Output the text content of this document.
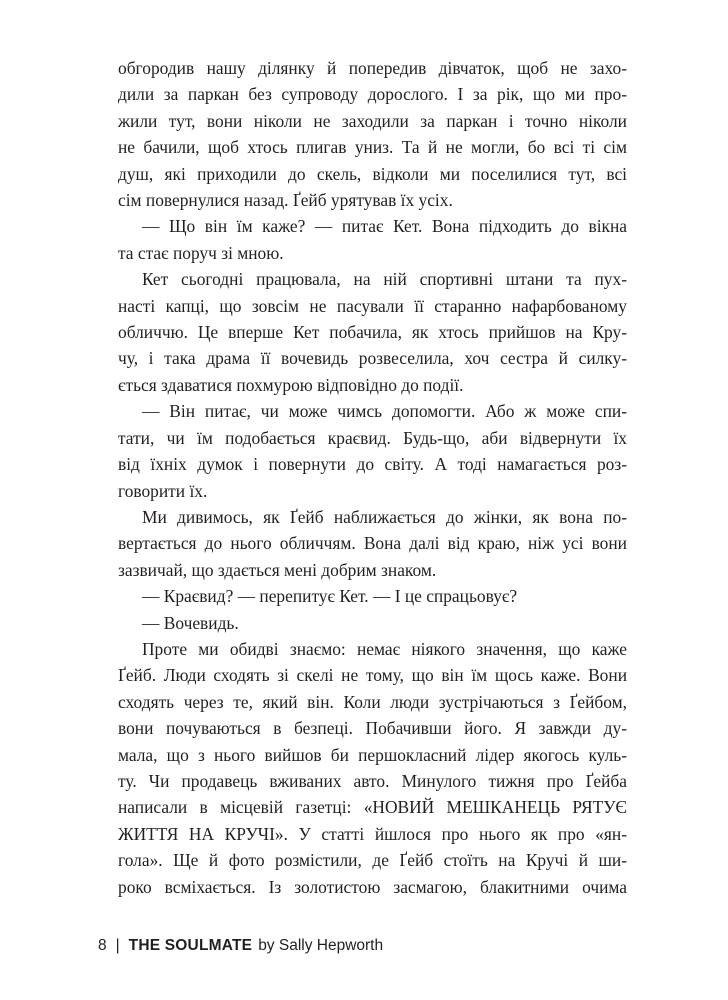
обгородив нашу ділянку й попередив дівчаток, щоб не захо-
дили за паркан без супроводу дорослого. І за рік, що ми про-
жили тут, вони ніколи не заходили за паркан і точно ніколи
не бачили, щоб хтось плигав униз. Та й не могли, бо всі ті сім
душ, які приходили до скель, відколи ми поселилися тут, всі
сім повернулися назад. Ґейб урятував їх усіх.
— Що він їм каже? — питає Кет. Вона підходить до вікна
та стає поруч зі мною.
Кет сьогодні працювала, на ній спортивні штани та пух-
насті капці, що зовсім не пасували її старанно нафарбованому
обличчю. Це вперше Кет побачила, як хтось прийшов на Кру-
чу, і така драма її вочевидь розвеселила, хоч сестра й силку-
ється здаватися похмурою відповідно до події.
— Він питає, чи може чимсь допомогти. Або ж може спи-
тати, чи їм подобається краєвид. Будь-що, аби відвернути їх
від їхніх думок і повернути до світу. А тоді намагається роз-
говорити їх.
Ми дивимось, як Ґейб наближається до жінки, як вона по-
вертається до нього обличчям. Вона далі від краю, ніж усі вони
зазвичай, що здається мені добрим знаком.
— Краєвид? — перепитує Кет. — І це спрацьовує?
— Вочевидь.
Проте ми обидві знаємо: немає ніякого значення, що каже
Ґейб. Люди сходять зі скелі не тому, що він їм щось каже. Вони
сходять через те, який він. Коли люди зустрічаються з Ґейбом,
вони почуваються в безпеці. Побачивши його. Я завжди ду-
мала, що з нього вийшов би першокласний лідер якогось куль-
ту. Чи продавець вживаних авто. Минулого тижня про Ґейба
написали в місцевій газетці: «НОВИЙ МЕШКАНЕЦЬ РЯТУЄ
ЖИТТЯ НА КРУЧІ». У статті йшлося про нього як про «ян-
гола». Ще й фото розмістили, де Ґейб стоїть на Кручі й ши-
роко всміхається. Із золотистою засмагою, блакитними очима
8 | THE SOULMATE by Sally Hepworth
